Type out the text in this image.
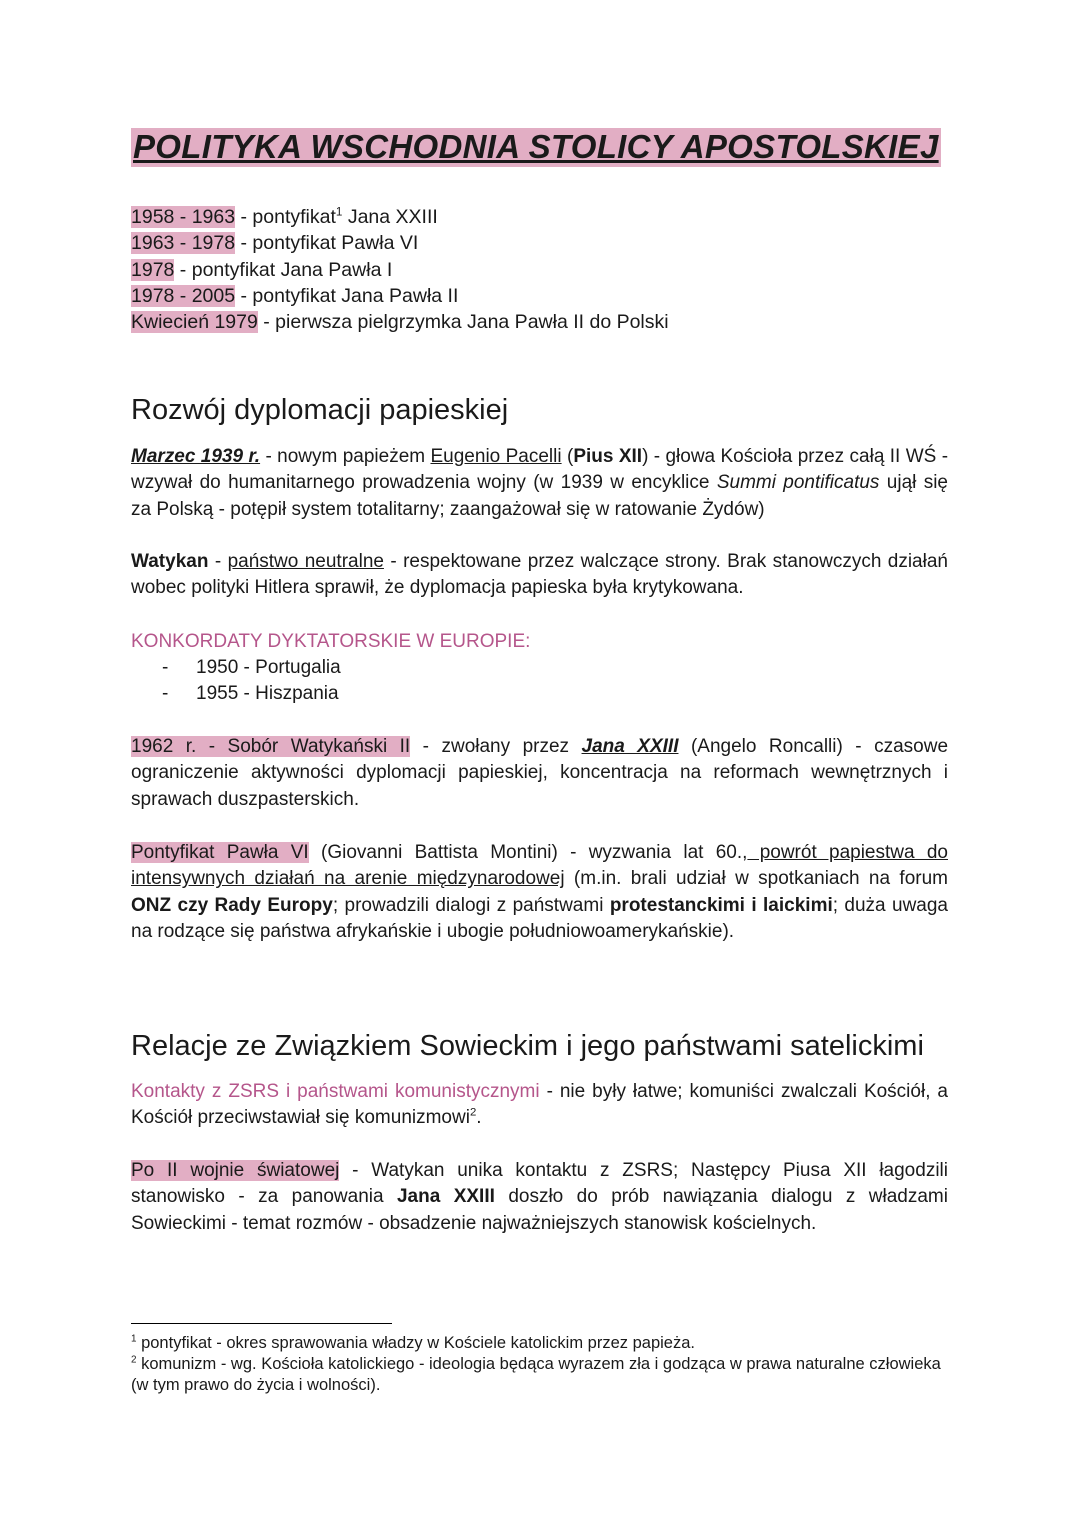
POLITYKA WSCHODNIA STOLICY APOSTOLSKIEJ
1958 - 1963 - pontyfikat$^1$ Jana XXIII
1963 - 1978 - pontyfikat Pawła VI
1978 - pontyfikat Jana Pawła I
1978 - 2005 - pontyfikat Jana Pawła II
Kwiecień 1979 - pierwsza pielgrzymka Jana Pawła II do Polski
Rozwój dyplomacji papieskiej

Marzec 1939 r. - nowym papieżem Eugenio Pacelli (Pius XII) - głowa Kościoła przez całą II WŚ - wzywał do humanitarnego prowadzenia wojny (w 1939 w encyklice Summi pontificatus ujął się za Polską - potępił system totalitarny; zaangażował się w ratowanie Żydów)

Watykan - państwo neutralne - respektowane przez walczące strony. Brak stanowczych działań wobec polityki Hitlera sprawił, że dyplomacja papieska była krytykowana.

KONKORDATY DYKTATORSKIE W EUROPIE:
- 1950 - Portugalia
- 1955 - Hiszpania

1962 r. - Sobór Watykański II - zwołany przez Jana XXIII (Angelo Roncalli) - czasowe ograniczenie aktywności dyplomacji papieskiej, koncentracja na reformach wewnętrznych i sprawach duszpasterskich.

Pontyfikat Pawła VI (Giovanni Battista Montini) - wyzwania lat 60., powrót papiestwa do intensywnych działań na arenie międzynarodowej (m.in. brali udział w spotkaniach na forum ONZ czy Rady Europy; prowadzili dialogi z państwami protestanckimi i laickimi; duża uwaga na rodzące się państwa afrykańskie i ubogie południowoamerykańskie).

Relacje ze Związkiem Sowieckim i jego państwami satelickimi

Kontakty z ZSRS i państwami komunistycznymi - nie były łatwe; komuniści zwalczali Kościół, a Kościół przeciwstawiał się komunizmowi$^2$.

Po II wojnie światowej - Watykan unika kontaktu z ZSRS; Następcy Piusa XII łagodzili stanowisko - za panowania Jana XXIII doszło do prób nawiązania dialogu z władzami Sowieckimi - temat rozmów - obsadzenie najważniejszych stanowisk kościelnych.

$^1$ pontyfikat - okres sprawowania władzy w Kościele katolickim przez papieża.
$^2$ komunizm - wg. Kościoła katolickiego - ideologia będąca wyrazem zła i godząca w prawa naturalne człowieka (w tym prawo do życia i wolności).
